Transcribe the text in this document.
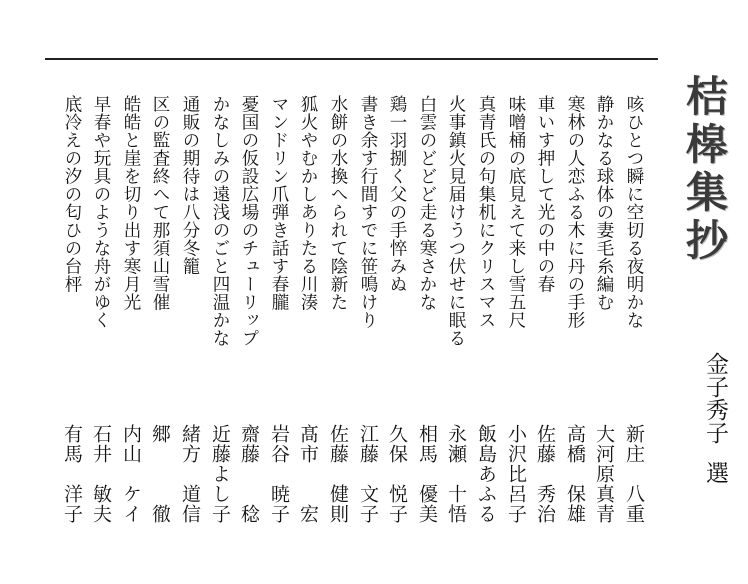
桔槔集抄
金子秀子選
咳ひとつ瞬に空切る夜明かな
新庄　八重
静かなる球体の妻毛糸編む
大河原真青
寒林の人恋ふる木に丹の手形
高橋　保雄
車いす押して光の中の春
佐藤　秀治
味噌桶の底見えて来し雪五尺
小沢比呂子
真青氏の句集机にクリスマス
飯島あふる
火事鎮火見届けうつ伏せに眠る
永瀬　十悟
白雲のどどど走る寒さかな
相馬　優美
鶏一羽捌く父の手悴みぬ
久保　悦子
書き余す行間すでに笹鳴けり
江藤　文子
水餅の水換へられて陰新た
佐藤　健則
狐火やむかしありたる川湊
髙市　　宏
マンドリン爪弾き話す春朧
岩谷　暁子
憂国の仮設広場のチューリップ
齋藤　　稔
かなしみの遠浅のごと四温かな
近藤よし子
通販の期待は八分冬籠
緒方　道信
区の監査終へて那須山雪催
郷　　　徹
皓皓と崖を切り出す寒月光
内山　ケイ
早春や玩具のような舟がゆく
石井　敏夫
底冷えの汐の匂ひの台枰
有馬　洋子
